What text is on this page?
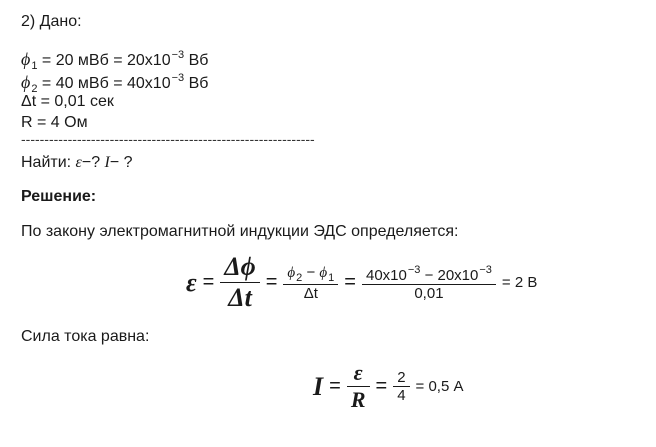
2) Дано:
$\phi_1 = 20$ мВб = $20x10^{-3}$ Вб
$\phi_2 = 40$ мВб = $40x10^{-3}$ Вб
Δt = 0,01 сек
R = 4 Ом
---------------------------------------------------------------
Найти: ε−? I− ?
Решение:
По закону электромагнитной индукции ЭДС определяется:
$\varepsilon = \frac{\Delta\phi}{\Delta t} = \frac{\phi_2 - \phi_1}{\Delta t} = \frac{40x10^{-3} - 20x10^{-3}}{0,01} = 2$ В
Сила тока равна:
$I = \frac{\varepsilon}{R} = \frac{2}{4} = 0,5$ А
